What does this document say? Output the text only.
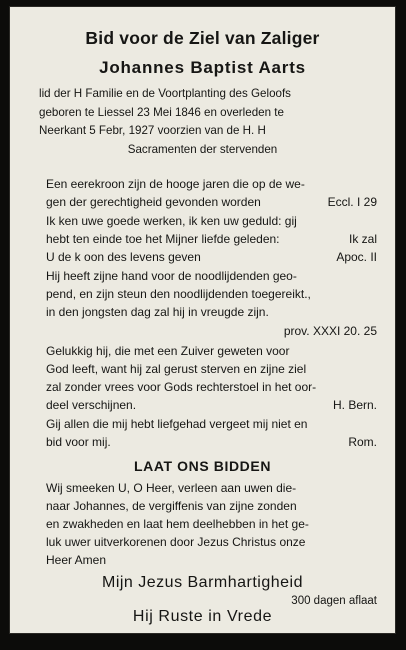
Bid voor de Ziel van Zaliger
Johannes Baptist Aarts
lid der H Familie en de Voortplanting des Geloofs
geboren te Liessel 23 Mei 1846 en overleden te
Neerkant 5 Febr, 1927 voorzien van de H. H
Sacramenten der stervenden
Een eerekroon zijn de hooge jaren die op de we-
gen der gerechtigheid gevonden worden	Eccl. I 29
Ik ken uwe goede werken, ik ken uw geduld: gij
hebt ten einde toe het Mijner liefde geleden:	Ik zal
U de k oon des levens geven	Apoc. II
Hij heeft zijne hand voor de noodlijdenden geo-
pend, en zijn steun den noodlijdenden toegereikt.,
in den jongsten dag zal hij in vreugde zijn.
prov. XXXI 20. 25
Gelukkig hij, die met een Zuiver geweten voor
God leeft, want hij zal gerust sterven en zijne ziel
zal zonder vrees voor Gods rechterstoel in het oor-
deel verschijnen.	H. Bern.
Gij allen die mij hebt liefgehad vergeet mij niet en
bid voor mij.	Rom.
LAAT ONS BIDDEN
Wij smeeken U, O Heer, verleen aan uwen die-
naar Johannes, de vergiffenis van zijne zonden
en zwakheden en laat hem deelhebben in het ge-
luk uwer uitverkorenen door Jezus Christus onze
Heer Amen
Mijn Jezus Barmhartigheid
300 dagen aflaat
Hij Ruste in Vrede
